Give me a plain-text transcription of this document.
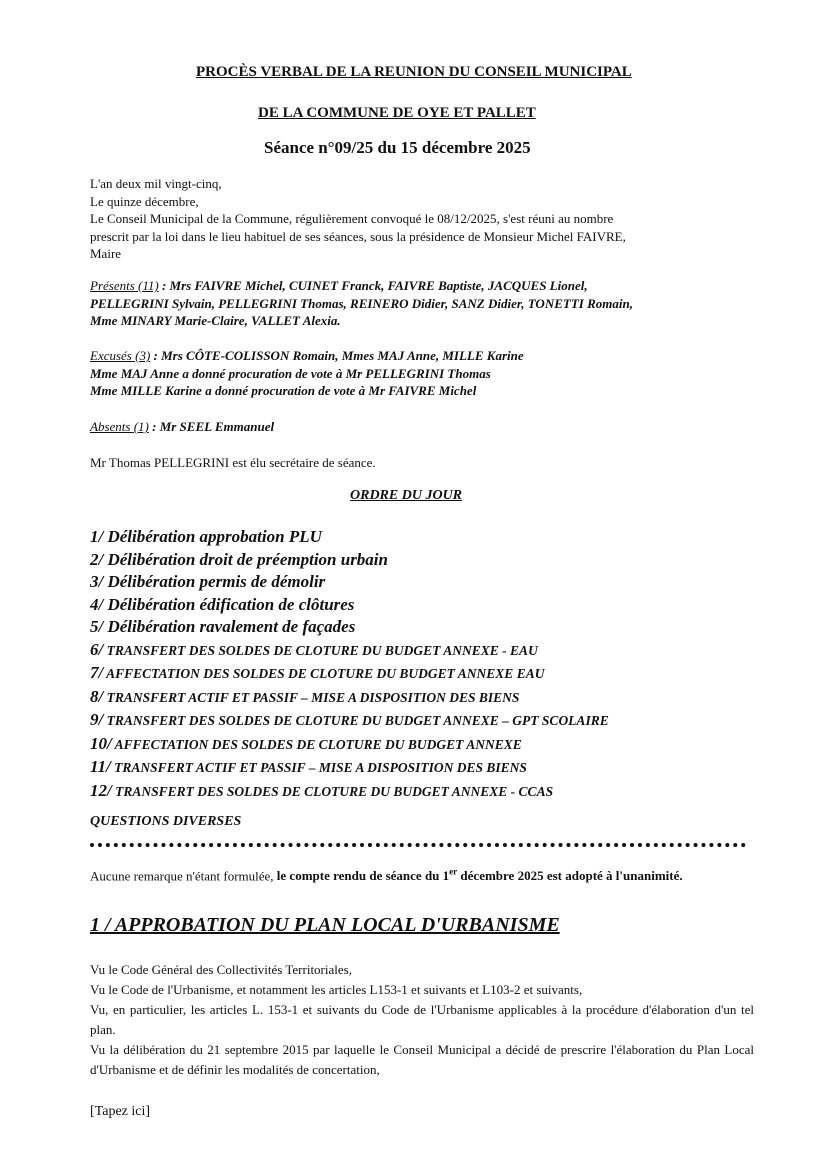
PROCÈS VERBAL DE LA REUNION DU CONSEIL MUNICIPAL
DE LA COMMUNE DE OYE ET PALLET
Séance n°09/25 du 15 décembre 2025
L'an deux mil vingt-cinq,
Le quinze décembre,
Le Conseil Municipal de la Commune, régulièrement convoqué le 08/12/2025, s'est réuni au nombre
prescrit par la loi dans le lieu habituel de ses séances, sous la présidence de Monsieur Michel FAIVRE,
Maire
Présents (11) : Mrs FAIVRE Michel, CUINET Franck, FAIVRE Baptiste, JACQUES Lionel,
PELLEGRINI Sylvain, PELLEGRINI Thomas, REINERO Didier, SANZ Didier, TONETTI Romain,
Mme MINARY Marie-Claire, VALLET Alexia.
Excusés (3) : Mrs CÔTE-COLISSON Romain, Mmes MAJ Anne, MILLE Karine
Mme MAJ Anne a donné procuration de vote à Mr PELLEGRINI Thomas
Mme MILLE Karine a donné procuration de vote à Mr FAIVRE Michel
Absents (1) : Mr SEEL Emmanuel
Mr Thomas PELLEGRINI est élu secrétaire de séance.
ORDRE DU JOUR
1/ Délibération approbation PLU
2/ Délibération droit de préemption urbain
3/ Délibération permis de démolir
4/ Délibération édification de clôtures
5/ Délibération ravalement de façades
6/ TRANSFERT DES SOLDES DE CLOTURE DU BUDGET ANNEXE - EAU
7/ AFFECTATION DES SOLDES DE CLOTURE DU BUDGET ANNEXE EAU
8/ TRANSFERT ACTIF ET PASSIF – MISE A DISPOSITION DES BIENS
9/ TRANSFERT DES SOLDES DE CLOTURE DU BUDGET ANNEXE – GPT SCOLAIRE
10/ AFFECTATION DES SOLDES DE CLOTURE DU BUDGET ANNEXE
11/ TRANSFERT ACTIF ET PASSIF – MISE A DISPOSITION DES BIENS
12/ TRANSFERT DES SOLDES DE CLOTURE DU BUDGET ANNEXE - CCAS
QUESTIONS DIVERSES
Aucune remarque n'étant formulée, le compte rendu de séance du 1er décembre 2025 est adopté à l'unanimité.
1 / APPROBATION DU PLAN LOCAL D'URBANISME

Vu le Code Général des Collectivités Territoriales,

Vu le Code de l'Urbanisme, et notamment les articles L153-1 et suivants et L103-2 et suivants,

Vu, en particulier, les articles L. 153-1 et suivants du Code de l'Urbanisme applicables à la procédure d'élaboration d'un tel plan.

Vu la délibération du 21 septembre 2015 par laquelle le Conseil Municipal a décidé de prescrire l'élaboration du Plan Local d'Urbanisme et de définir les modalités de concertation,

[Tapez ici]
